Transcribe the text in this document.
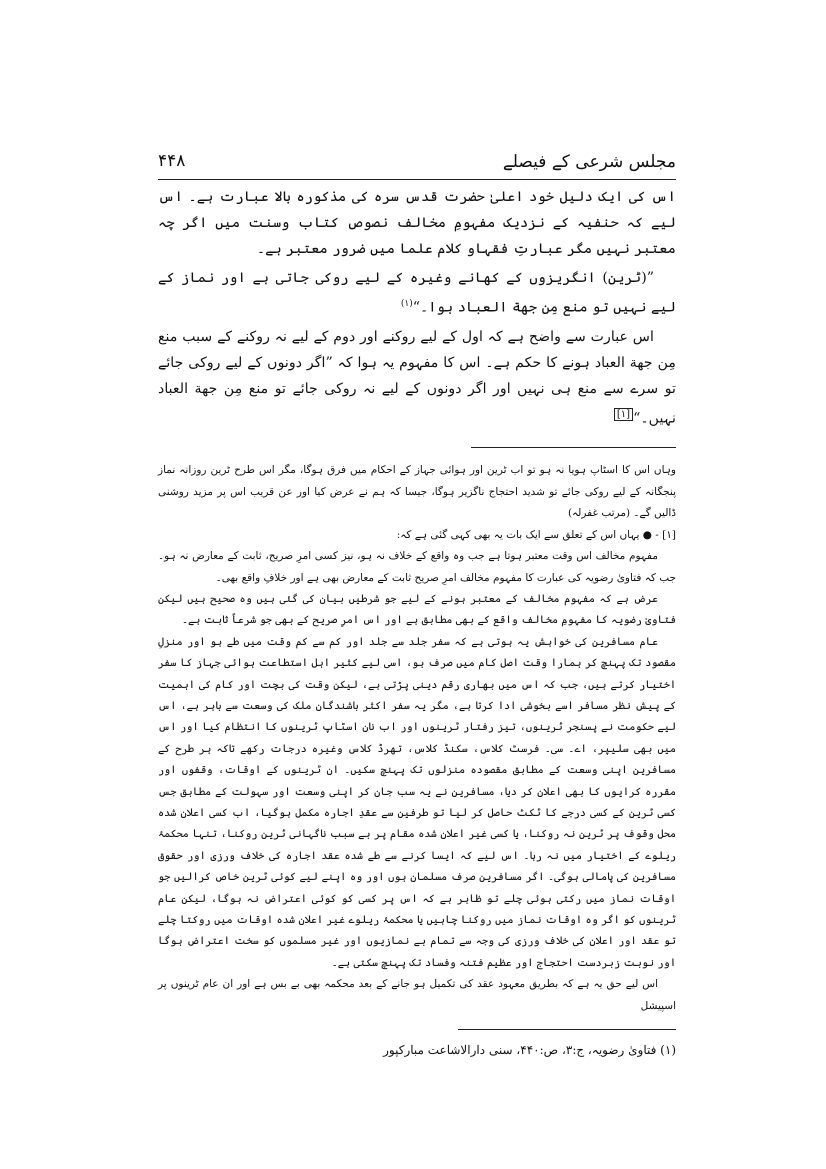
مجلس شرعی کے فیصلے
۴۴۸

اس کی ایک دلیل خود اعلیٰ حضرت قدس سرہ کی مذکورہ بالا عبارت ہے۔ اس لیے کہ حنفیہ کے نزدیک مفہومِ مخالف نصوص کتاب وسنت میں اگر چہ معتبر نہیں مگر عبارتِ فقہاو کلام علما میں ضرور معتبر ہے۔

”(ٹرین) انگریزوں کے کھانے وغیرہ کے لیے روکی جاتی ہے اور نماز کے لیے نہیں تو منع مِن جھة العباد ہوا۔“$^{(۱)}$

اس عبارت سے واضح ہے کہ اول کے لیے روکنے اور دوم کے لیے نہ روکنے کے سبب منع مِن جھة العباد ہونے کا حکم ہے۔ اس کا مفہوم یہ ہوا کہ ”اگر دونوں کے لیے روکی جائے تو سرے سے منع ہی نہیں اور اگر دونوں کے لیے نہ روکی جائے تو منع مِن جھة العباد نہیں۔“[۱]

وہاں اس کا اسٹاپ ہویا نہ ہو تو اب ٹرین اور ہوائی جہاز کے احکام میں فرق ہوگا، مگر اس طرح ٹرین روزانہ نماز پنجگانہ کے لیے روکی جائے تو شدید احتجاج ناگزیر ہوگا، جیسا کہ ہم نے عرض کیا اور عن قریب اس پر مزید روشنی ڈالیں گے۔ (مرتب غفرلہ)

[۱] - ● یہاں اس کے تعلق سے ایک بات یہ بھی کہی گئی ہے کہ:

مفہوم مخالف اس وقت معتبر ہوتا ہے جب وہ واقع کے خلاف نہ ہو، نیز کسی امرِ صریح، ثابت کے معارض نہ ہو۔ جب کہ فتاویٰ رضویہ کی عبارت کا مفہوم مخالف امرِ صریح ثابت کے معارض بھی ہے اور خلافِ واقع بھی۔

عرض ہے کہ مفہوم مخالف کے معتبر ہونے کے لیے جو شرطیں بیان کی گئی ہیں وہ صحیح ہیں لیکن فتاویٰ رضویہ کا مفہومِ مخالف واقع کے بھی مطابق ہے اور اس امرِ صریح کے بھی جو شرعاً ثابت ہے۔

عام مسافرین کی خواہش یہ ہوتی ہے کہ سفر جلد سے جلد اور کم سے کم وقت میں طے ہو اور منزلِ مقصود تک پہنچ کر ہمارا وقت اصل کام میں صرف ہو، اسی لیے کثیر اہل استطاعت ہوائی جہاز کا سفر اختیار کرتے ہیں، جب کہ اس میں بھاری رقم دینی پڑتی ہے، لیکن وقت کی بچت اور کام کی اہمیت کے پیش نظر مسافر اسے بخوشی ادا کرتا ہے، مگر یہ سفر اکثر باشندگان ملک کی وسعت سے باہر ہے، اس لیے حکومت نے پسنجر ٹرینوں، تیز رفتار ٹرینوں اور اب نان اسٹاپ ٹرینوں کا انتظام کیا اور اس میں بھی سلیپر، اے۔ سی۔ فرسٹ کلاس، سکنڈ کلاس، تھرڈ کلاس وغیرہ درجات رکھے تاکہ ہر طرح کے مسافرین اپنی وسعت کے مطابق مقصودہ منزلوں تک پہنچ سکیں۔ ان ٹرینوں کے اوقات، وقفوں اور مقررہ کرایوں کا بھی اعلان کر دیا، مسافرین نے یہ سب جان کر اپنی وسعت اور سہولت کے مطابق جس کسی ٹرین کے کسی درجے کا ٹکٹ حاصل کر لیا تو طرفین سے عقدِ اجارہ مکمل ہوگیا، اب کسی اعلان شدہ محل وقوف پر ٹرین نہ روکنا، یا کسی غیر اعلان شدہ مقام پر بے سبب ناگہانی ٹرین روکنا، تنہا محکمۂ ریلوے کے اختیار میں نہ رہا۔ اس لیے کہ ایسا کرنے سے طے شدہ عقد اجارہ کی خلاف ورزی اور حقوق مسافرین کی پامالی ہوگی۔ اگر مسافرین صرف مسلمان ہوں اور وہ اپنے لیے کوئی ٹرین خاص کرالیں جو اوقات نماز میں رکتی ہوئی چلے تو ظاہر ہے کہ اس پر کسی کو کوئی اعتراض نہ ہوگا، لیکن عام ٹرینوں کو اگر وہ اوقات نماز میں روکنا چاہیں یا محکمۂ ریلوے غیر اعلان شدہ اوقات میں روکتا چلے تو عقد اور اعلان کی خلاف ورزی کی وجہ سے تمام بے نمازیوں اور غیر مسلموں کو سخت اعتراض ہوگا اور نوبت زبردست احتجاج اور عظیم فتنہ وفساد تک پہنچ سکتی ہے۔

اس لیے حق یہ ہے کہ بطریق معہود عقد کی تکمیل ہو جانے کے بعد محکمہ بھی بے بس ہے اور ان عام ٹرینوں پر اسپیشل

(۱) فتاویٰ رضویہ، ج:۳، ص:۴۴۰، سنی دارالاشاعت مبارکپور
